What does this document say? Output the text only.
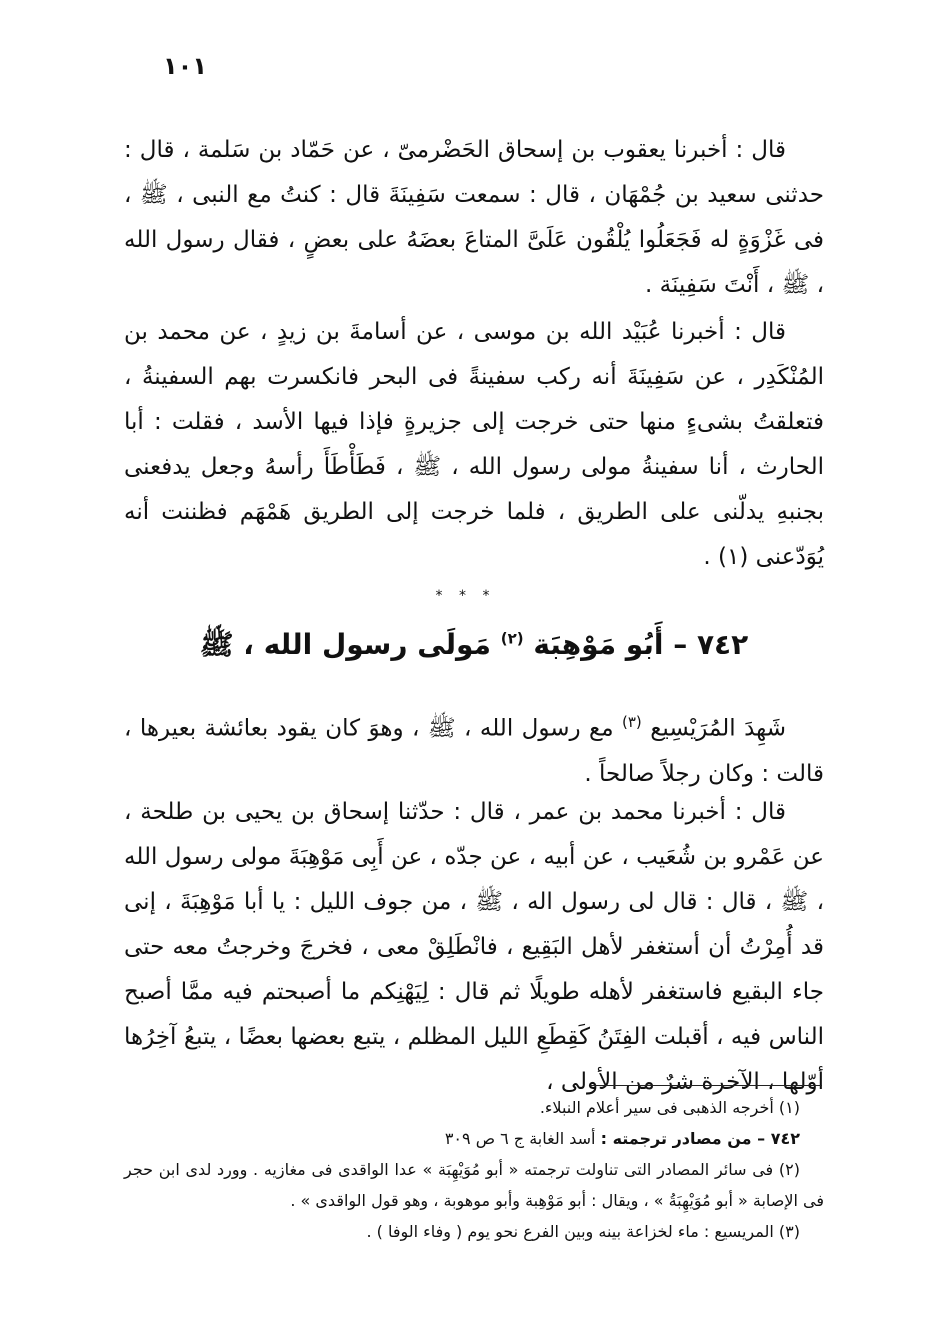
١٠١

قال : أخبرنا يعقوب بن إسحاق الحَضْرمىّ ، عن حَمّاد بن سَلمة ، قال : حدثنى سعيد بن جُمْهَان ، قال : سمعت سَفِينَةَ قال : كنتُ مع النبى ، ﷺ ، فى غَزْوَةٍ له فَجَعَلُوا يُلْقُون عَلَىَّ المتاعَ بعضَهُ على بعضٍ ، فقال رسول الله ، ﷺ ، أَنْتَ سَفِينَة .

قال : أخبرنا عُبَيْد الله بن موسى ، عن أسامةَ بن زيدٍ ، عن محمد بن المُنْكَدِر ، عن سَفِينَةَ أنه ركب سفينةً فى البحر فانكسرت بهم السفينةُ ، فتعلقتُ بشىءٍ منها حتى خرجت إلى جزيرةٍ فإذا فيها الأسد ، فقلت : أبا الحارث ، أنا سفينةُ مولى رسول الله ، ﷺ ، فَطَأْطَأَ رأسهُ وجعل يدفعنى بجنبهِ يدلّنى على الطريق ، فلما خرجت إلى الطريق هَمْهَم فظننت أنه يُوَدّعنى (١) .

* * *
٧٤٢ – أَبُو مَوْهِبَة $^{(٢)}$ مَولَى رسول الله ، ﷺ

شَهِدَ المُرَيْسِيع $^{(٣)}$ مع رسول الله ، ﷺ ، وهوَ كان يقود بعائشة بعيرها ، قالت : وكان رجلاً صالحاً .

قال : أخبرنا محمد بن عمر ، قال : حدّثنا إسحاق بن يحيى بن طلحة ، عن عَمْرو بن شُعَيب ، عن أبيه ، عن جدّه ، عن أَبِى مَوْهِبَةَ مولى رسول الله ، ﷺ ، قال : قال لى رسول اله ، ﷺ ، من جوف الليل : يا أبا مَوْهِبَةَ ، إنى قد أُمِرْتُ أن أستغفر لأهل البَقِيع ، فانْطَلِقْ معى ، فخرجَ وخرجتُ معه حتى جاء البقيع فاستغفر لأهله طويلًا ثم قال : لِيَهْنِكم ما أصبحتم فيه ممَّا أصبح الناس فيه ، أقبلت الفِتَنُ كَقِطَعِ الليل المظلم ، يتبع بعضها بعضًا ، يتبعُ آخِرُها أوّلها ، الآخرة شرٌ من الأولى ،

(١) أخرجه الذهبى فى سير أعلام النبلاء.

٧٤٢ – من مصادر ترجمته : أسد الغابة ج ٦ ص ٣٠٩

(٢) فى سائر المصادر التى تناولت ترجمته « أبو مُوَيْهِبَة » عدا الواقدى فى مغازيه . وورد لدى ابن حجر فى الإصابة « أبو مُوَيْهِبَةُ » ، ويقال : أبو مَوْهِبة وأبو موهوبة ، وهو قول الواقدى » .

(٣) المريسيع : ماء لخزاعة بينه وبين الفرع نحو يوم ( وفاء الوفا ) .
